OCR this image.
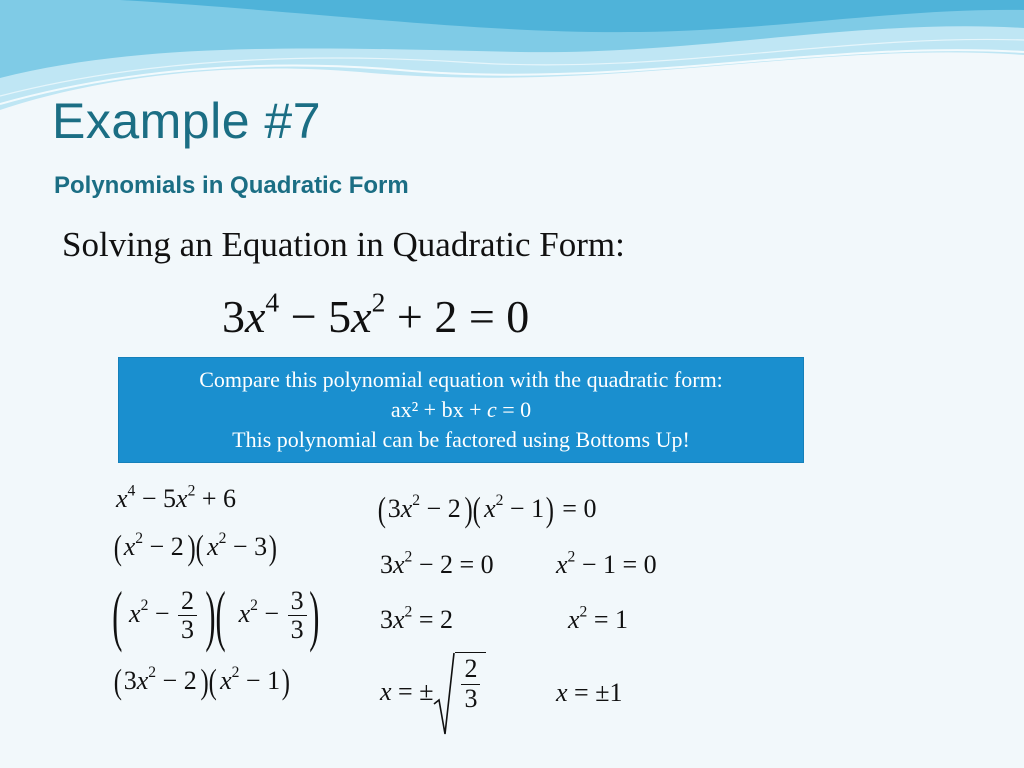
Example #7
Polynomials in Quadratic Form
Solving an Equation in Quadratic Form:
$3x^4 - 5x^2 + 2 = 0$
Compare this polynomial equation with the quadratic form:
ax² + bx + c = 0
This polynomial can be factored using Bottoms Up!
$x^4 - 5x^2 + 6$
$(x^2 - 2)$( $x^2 - 3$)
( $x^2 - \frac{2}{3}$ )( $x^2 - \frac{3}{3}$ )
$(3x^2 - 2)$( $x^2 - 1$)
$(3x^2 - 2)$( $x^2 - 1) = 0$
$3x^2 - 2 = 0$ $x^2 - 1 = 0$
$3x^2 = 2$	$x^2 = 1$
x = ± $\frac{2}{3}$	x = ±1
